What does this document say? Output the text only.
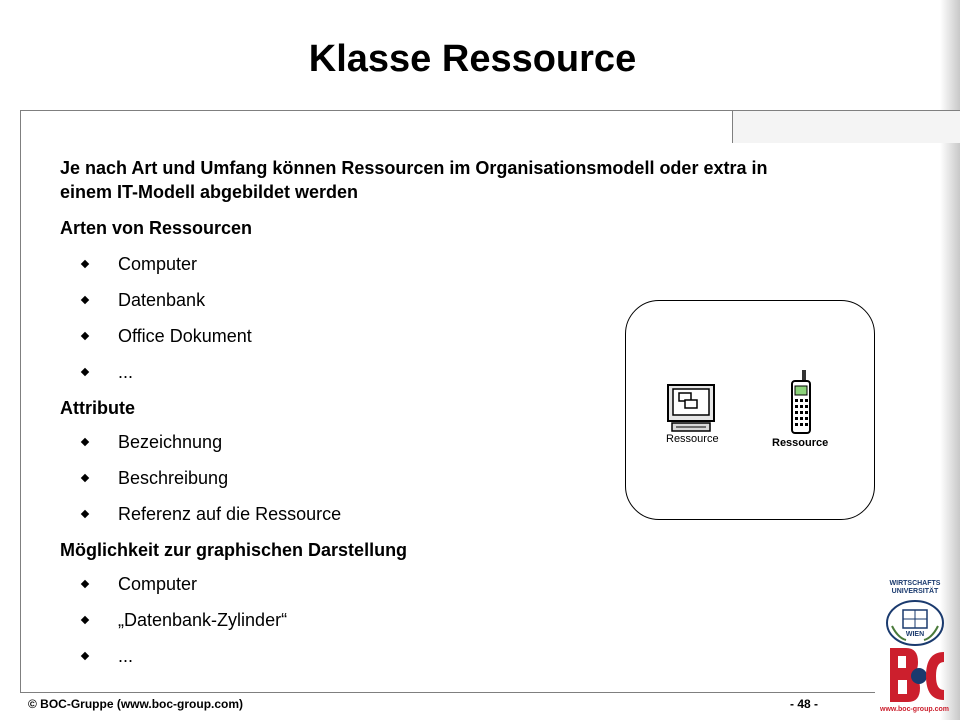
Klasse Ressource
Je nach Art und Umfang können Ressourcen im Organisationsmodell oder extra in
einem IT-Modell abgebildet werden
Arten von Ressourcen
Computer
Datenbank
Office Dokument
...
Attribute
Bezeichnung
Beschreibung
Referenz auf die Ressource
Möglichkeit zur graphischen Darstellung
Computer
„Datenbank-Zylinder“
...
Ressource	Ressource
© BOC-Gruppe (www.boc-group.com)	- 48 -
WIRTSCHAFTS UNIVERSITÄT
WIEN
www.boc-group.com
